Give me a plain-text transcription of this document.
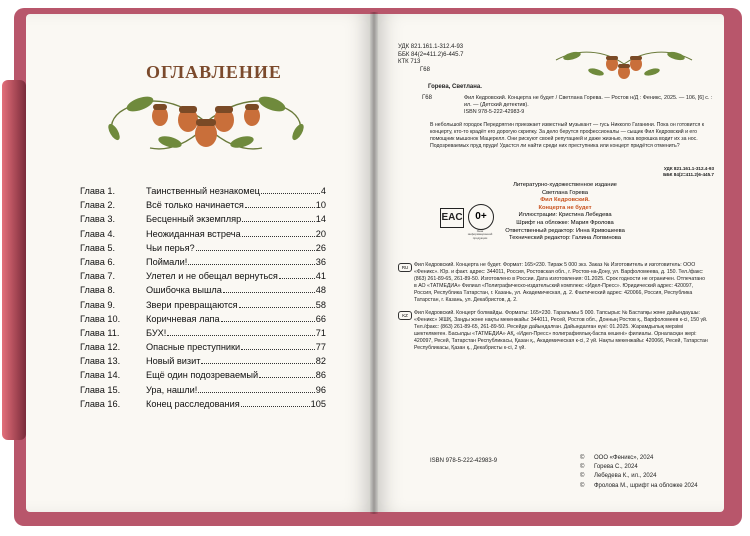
ОГЛАВЛЕНИЕ
Глава 1.	Таинственный незнакомец	4
Глава 2.	Всё только начинается	10
Глава 3.	Бесценный экземпляр	14
Глава 4.	Неожиданная встреча	20
Глава 5.	Чьи перья?	26
Глава 6.	Поймали!	36
Глава 7.	Улетел и не обещал вернуться	41
Глава 8.	Ошибочка вышла	48
Глава 9.	Звери превращаются	58
Глава 10.	Коричневая лапа	66
Глава 11.	БУХ!	71
Глава 12.	Опасные преступники	77
Глава 13.	Новый визит	82
Глава 14.	Ещё один подозреваемый	86
Глава 15.	Ура, нашли!	96
Глава 16.	Конец расследования	105
УДК 821.161.1-312.4-93
ББК 84(2=411.2)6-445.7
КТК 713
Г68
Горева, Светлана.
Г68	Фил Кедровский. Концерта не будет / Светлана Горева. — Ростов н/Д : Феникс, 2025. — 106, [6] с. : ил. — (Детский детектив).
ISBN 978-5-222-42983-9
В небольшой городок Передряггин приезжает известный музыкант — гусь Никколо Гаганини. Пока он готовится к концерту, кто-то крадёт его дорогую скрипку. За дело берутся профессионалы — сыщик Фил Кедровский и его помощник мышонок Мацерелл. Они рискуют своей репутацией и даже жизнью, пока ворюшка водит их за нос. Подозреваемых пруд пруди! Удастся ли найти среди них преступника или концерт придётся отменить?
УДК 821.161.1-312.4-93
ББК 84(2=411.2)6-445.7
Литературно-художественное издание
Светлана Горева
Фил Кедровский.
Концерта не будет
Иллюстрации: Кристина Лебедева
Шрифт на обложке: Мария Фролова
Ответственный редактор: Инна Кривошеева
Технический редактор: Галина Логвинова
EAC	0+
Знак информационной продукции
RU	Фил Кедровский. Концерта не будет. Формат: 165×230. Тираж 5 000 экз. Заказ № Изготовитель и изготовитель: ООО «Феникс». Юр. и факт. адрес: 344011, Россия, Ростовская обл., г. Ростов-на-Дону, ул. Варфоломеева, д. 150. Тел./факс: (863) 261-89-65, 261-89-50. Изготовлено в России. Дата изготовления: 01.2025. Срок годности не ограничен. Отпечатано в АО «ТАТМЕДИА» Филиал «Полиграфическо-издательский комплекс «Идел-Пресс». Юридический адрес: 420097, Россия, Республика Татарстан, г. Казань, ул. Академическая, д. 2. Фактический адрес: 420066, Россия, Республика Татарстан, г. Казань, ул. Декабристов, д. 2.
KZ	Фил Кедровский. Концерт болмайды. Форматы: 165×230. Таралымы 5 000. Тапсырыс № Бастапқы және дайындаушы: «Феникс» ЖШҚ. Заңды және нақты мекенжайы: 344011, Ресей, Ростов обл., Донның Ростов қ., Варфоломеев к-сі, 150 үй. Тел./факс: (863) 261-89-65, 261-89-50. Ресейде дайындалған. Дайындалған күні: 01.2025. Жарамдылық мерзімі шектелмеген. Басылды «ТАТМЕДИА» АҚ, «Идел-Пресс» полиграфиялық-баспа кешені» филиалы. Орналасқан жері: 420097, Ресей, Татарстан Республикасы, Қазан қ., Академическая к-сі, 2 үй. Нақты мекенжайы: 420066, Ресей, Татарстан Республикасы, Қазан қ., Декабристы к-сі, 2 үй.
ISBN 978-5-222-42983-9	©	ООО «Феникс», 2024
©	Горева С., 2024
©	Лебедева К., ил., 2024
©	Фролова М., шрифт на обложке 2024
